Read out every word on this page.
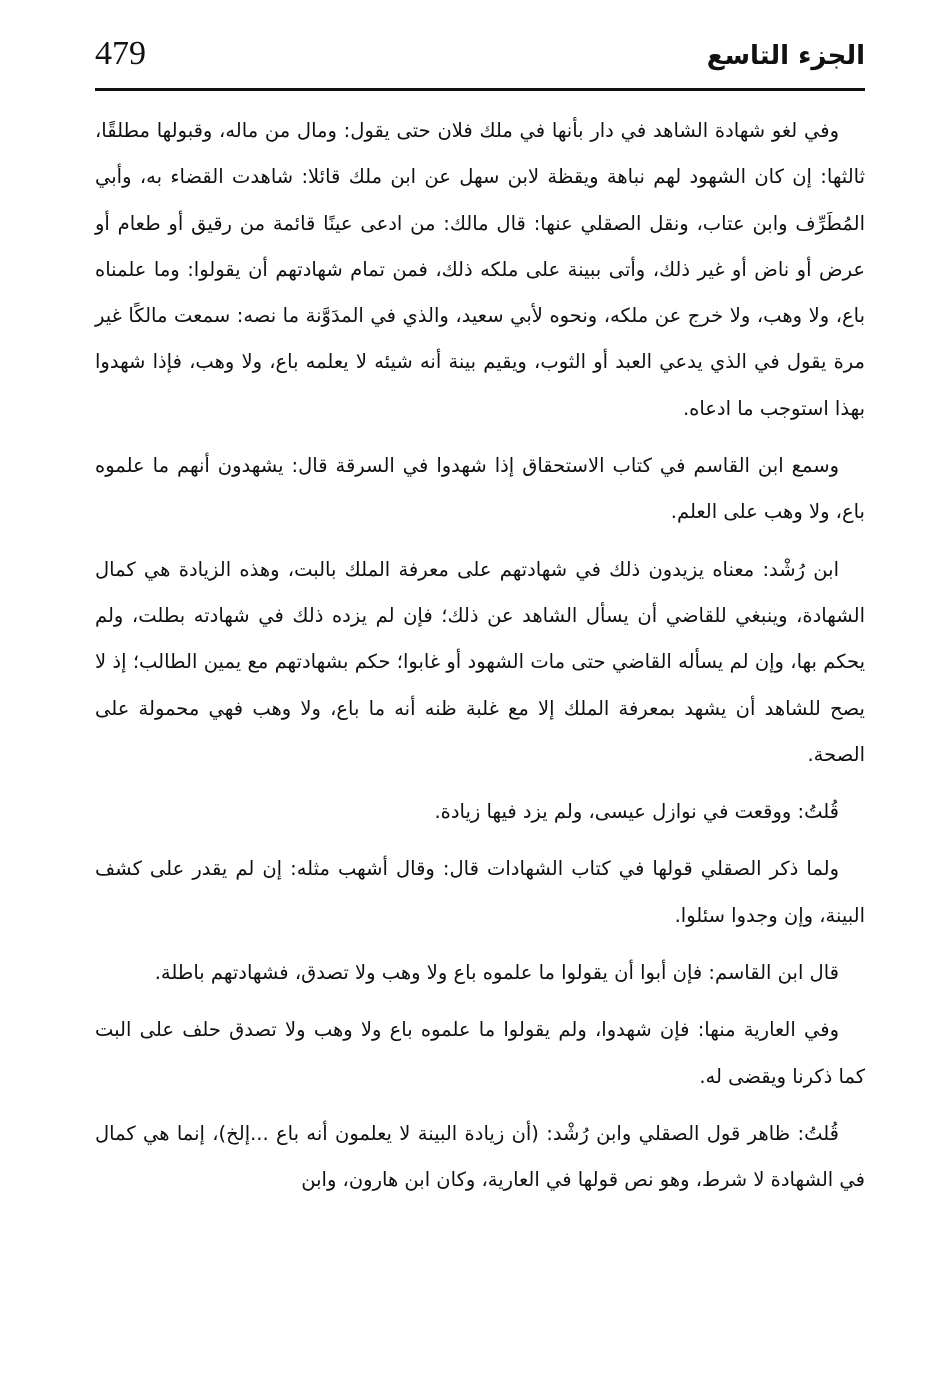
479	الجزء التاسع

وفي لغو شهادة الشاهد في دار بأنها في ملك فلان حتى يقول: ومال من ماله، وقبولها مطلقًا، ثالثها: إن كان الشهود لهم نباهة ويقظة لابن سهل عن ابن ملك قائلا: شاهدت القضاء به، وأبي المُطَرِّف وابن عتاب، ونقل الصقلي عنها: قال مالك: من ادعى عينًا قائمة من رقيق أو طعام أو عرض أو ناض أو غير ذلك، وأتى ببينة على ملكه ذلك، فمن تمام شهادتهم أن يقولوا: وما علمناه باع، ولا وهب، ولا خرج عن ملكه، ونحوه لأبي سعيد، والذي في المدَوَّنة ما نصه: سمعت مالكًا غير مرة يقول في الذي يدعي العبد أو الثوب، ويقيم بينة أنه شيئه لا يعلمه باع، ولا وهب، فإذا شهدوا بهذا استوجب ما ادعاه.

وسمع ابن القاسم في كتاب الاستحقاق إذا شهدوا في السرقة قال: يشهدون أنهم ما علموه باع، ولا وهب على العلم.

ابن رُشْد: معناه يزيدون ذلك في شهادتهم على معرفة الملك بالبت، وهذه الزيادة هي كمال الشهادة، وينبغي للقاضي أن يسأل الشاهد عن ذلك؛ فإن لم يزده ذلك في شهادته بطلت، ولم يحكم بها، وإن لم يسأله القاضي حتى مات الشهود أو غابوا؛ حكم بشهادتهم مع يمين الطالب؛ إذ لا يصح للشاهد أن يشهد بمعرفة الملك إلا مع غلبة ظنه أنه ما باع، ولا وهب فهي محمولة على الصحة.

قُلتُ: ووقعت في نوازل عيسى، ولم يزد فيها زيادة.

ولما ذكر الصقلي قولها في كتاب الشهادات قال: وقال أشهب مثله: إن لم يقدر على كشف البينة، وإن وجدوا سئلوا.

قال ابن القاسم: فإن أبوا أن يقولوا ما علموه باع ولا وهب ولا تصدق، فشهادتهم باطلة.

وفي العارية منها: فإن شهدوا، ولم يقولوا ما علموه باع ولا وهب ولا تصدق حلف على البت كما ذكرنا ويقضى له.

قُلتُ: ظاهر قول الصقلي وابن رُشْد: (أن زيادة البينة لا يعلمون أنه باع ...إلخ)، إنما هي كمال في الشهادة لا شرط، وهو نص قولها في العارية، وكان ابن هارون، وابن
